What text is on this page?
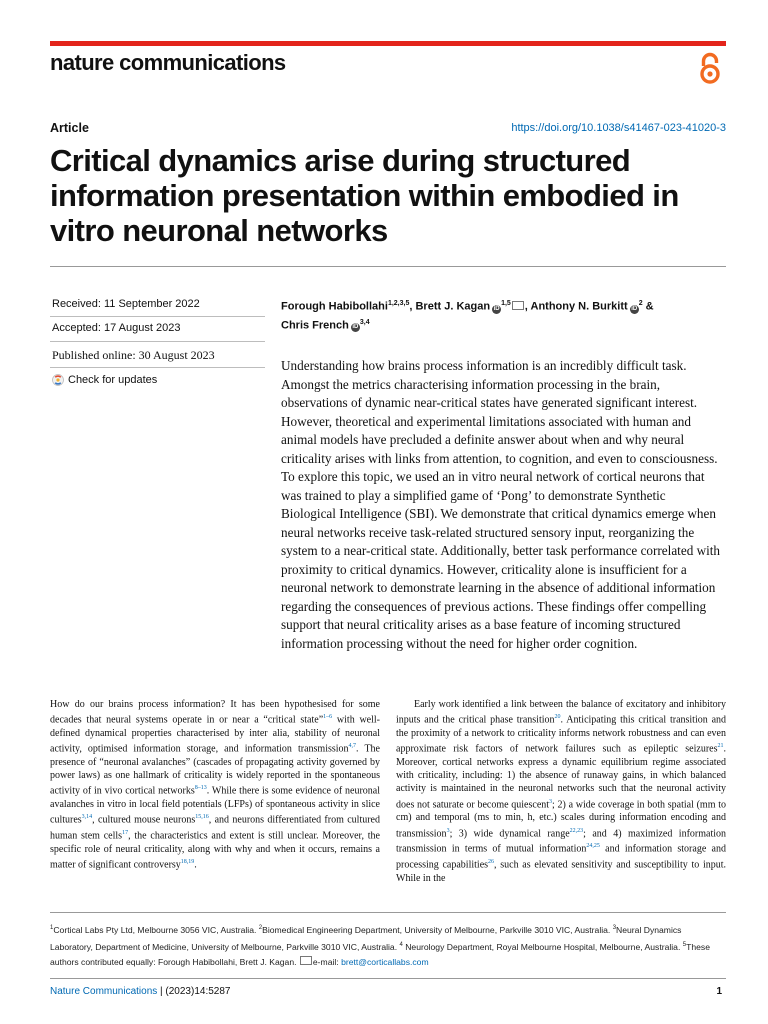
nature communications
Article	https://doi.org/10.1038/s41467-023-41020-3
Critical dynamics arise during structured information presentation within embodied in vitro neuronal networks
Received: 11 September 2022
Accepted: 17 August 2023
Published online: 30 August 2023
Check for updates
Forough Habibollahi$^{1,2,3,5}$, Brett J. Kagan iD$^{1,5}$ , Anthony N. Burkitt $iD^2$ &
Chris French iD$^{3,4}$

Understanding how brains process information is an incredibly difficult task. Amongst the metrics characterising information processing in the brain, observations of dynamic near-critical states have generated significant interest. However, theoretical and experimental limitations associated with human and animal models have precluded a definite answer about when and why neural criticality arises with links from attention, to cognition, and even to consciousness. To explore this topic, we used an in vitro neural network of cortical neurons that was trained to play a simplified game of ‘Pong’ to demonstrate Synthetic Biological Intelligence (SBI). We demonstrate that critical dynamics emerge when neural networks receive task-related structured sensory input, reorganizing the system to a near-critical state. Additionally, better task performance correlated with proximity to critical dynamics. However, criticality alone is insufficient for a neuronal network to demonstrate learning in the absence of additional information regarding the consequences of previous actions. These findings offer compelling support that neural criticality arises as a base feature of incoming structured information processing without the need for higher order cognition.

How do our brains process information? It has been hypothesised for some decades that neural systems operate in or near a “critical state”$^{1-6}$ with well-defined dynamical properties characterised by inter alia, stability of neuronal activity, optimised information storage, and information transmission$^{4,7}$. The presence of “neuronal avalanches” (cascades of propagating activity governed by power laws) as one hallmark of criticality is widely reported in the spontaneous activity of in vivo cortical networks$^{8-13}$. While there is some evidence of neuronal avalanches in vitro in local field potentials (LFPs) of spontaneous activity in slice cultures$^{3,14}$, cultured mouse neurons$^{15,16}$, and neurons differentiated from cultured human stem cells$^{17}$, the characteristics and extent is still unclear. Moreover, the specific role of neural criticality, along with why and when it occurs, remains a matter of significant controversy$^{18,19}$.

Early work identified a link between the balance of excitatory and inhibitory inputs and the critical phase transition$^{20}$. Anticipating this critical transition and the proximity of a network to criticality informs network robustness and can even approximate risk factors of network failures such as epileptic seizures$^{21}$. Moreover, cortical networks express a dynamic equilibrium regime associated with criticality, including: 1) the absence of runaway gains, in which balanced activity is maintained in the neuronal networks such that the neuronal activity does not saturate or become quiescent$^3$; 2) a wide coverage in both spatial (mm to cm) and temporal (ms to min, h, etc.) scales during information encoding and transmission$^3$; 3) wide dynamical range$^{22,23}$; and 4) maximized information transmission in terms of mutual information$^{24,25}$ and information storage and processing capabilities$^{26}$, such as elevated sensitivity and susceptibility to input. While in the

$^1$Cortical Labs Pty Ltd, Melbourne 3056 VIC, Australia. $^2$Biomedical Engineering Department, University of Melbourne, Parkville 3010 VIC, Australia. $^3$Neural Dynamics Laboratory, Department of Medicine, University of Melbourne, Parkville 3010 VIC, Australia. $^4$ Neurology Department, Royal Melbourne Hospital, Melbourne, Australia. $^5$These authors contributed equally: Forough Habibollahi, Brett J. Kagan. e-mail: brett@corticallabs.com

Nature Communications | (2023)14:5287	1
